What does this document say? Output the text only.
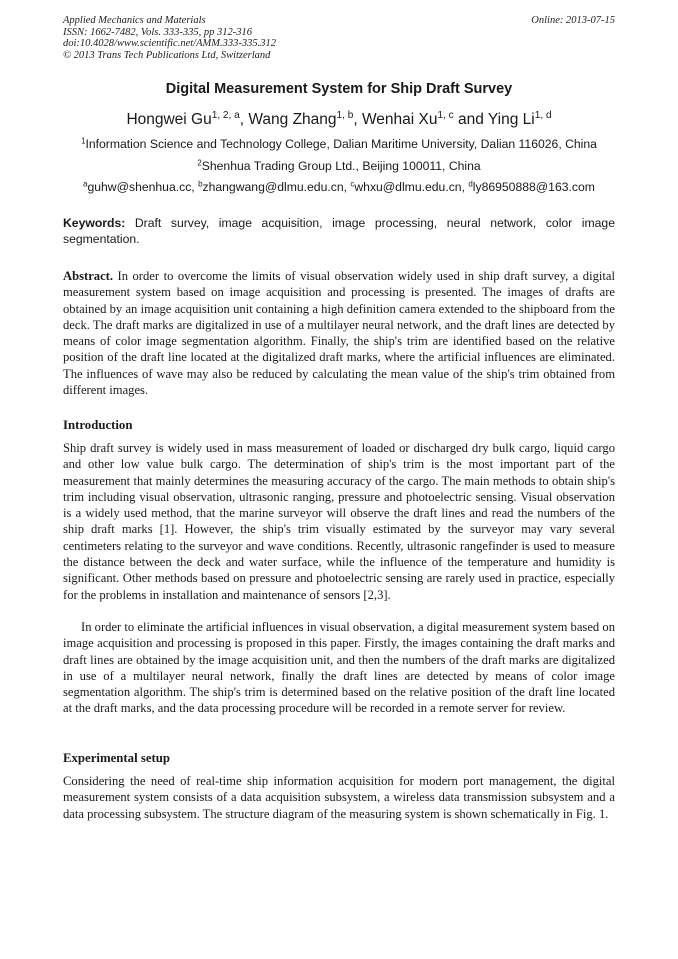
Applied Mechanics and Materials
ISSN: 1662-7482, Vols. 333-335, pp 312-316
doi:10.4028/www.scientific.net/AMM.333-335.312
© 2013 Trans Tech Publications Ltd, Switzerland
Online: 2013-07-15
Digital Measurement System for Ship Draft Survey
Hongwei Gu$^{1, 2, a}$, Wang Zhang$^{1, b}$, Wenhai Xu$^{1, c}$ and Ying Li$^{1, d}$
$^1$Information Science and Technology College, Dalian Maritime University, Dalian 116026, China
$^2$Shenhua Trading Group Ltd., Beijing 100011, China
$^a$guhw@shenhua.cc, $^b$zhangwang@dlmu.edu.cn, $^c$whxu@dlmu.edu.cn, $^d$ly86950888@163.com
Keywords: Draft survey, image acquisition, image processing, neural network, color image segmentation.

Abstract. In order to overcome the limits of visual observation widely used in ship draft survey, a digital measurement system based on image acquisition and processing is presented. The images of drafts are obtained by an image acquisition unit containing a high definition camera extended to the shipboard from the deck. The draft marks are digitalized in use of a multilayer neural network, and the draft lines are detected by means of color image segmentation algorithm. Finally, the ship's trim are identified based on the relative position of the draft line located at the digitalized draft marks, where the artificial influences are eliminated. The influences of wave may also be reduced by calculating the mean value of the ship's trim obtained from different images.

Introduction

Ship draft survey is widely used in mass measurement of loaded or discharged dry bulk cargo, liquid cargo and other low value bulk cargo. The determination of ship's trim is the most important part of the measurement that mainly determines the measuring accuracy of the cargo. The main methods to obtain ship's trim including visual observation, ultrasonic ranging, pressure and photoelectric sensing. Visual observation is a widely used method, that the marine surveyor will observe the draft lines and read the numbers of the ship draft marks [1]. However, the ship's trim visually estimated by the surveyor may vary several centimeters relating to the surveyor and wave conditions. Recently, ultrasonic rangefinder is used to measure the distance between the deck and water surface, while the influence of the temperature and humidity is significant. Other methods based on pressure and photoelectric sensing are rarely used in practice, especially for the problems in installation and maintenance of sensors [2,3].

In order to eliminate the artificial influences in visual observation, a digital measurement system based on image acquisition and processing is proposed in this paper. Firstly, the images containing the draft marks and draft lines are obtained by the image acquisition unit, and then the numbers of the draft marks are digitalized in use of a multilayer neural network, finally the draft lines are detected by means of color image segmentation algorithm. The ship's trim is determined based on the relative position of the draft line located at the draft marks, and the data processing procedure will be recorded in a remote server for review.

Experimental setup

Considering the need of real-time ship information acquisition for modern port management, the digital measurement system consists of a data acquisition subsystem, a wireless data transmission subsystem and a data processing subsystem. The structure diagram of the measuring system is shown schematically in Fig. 1.
